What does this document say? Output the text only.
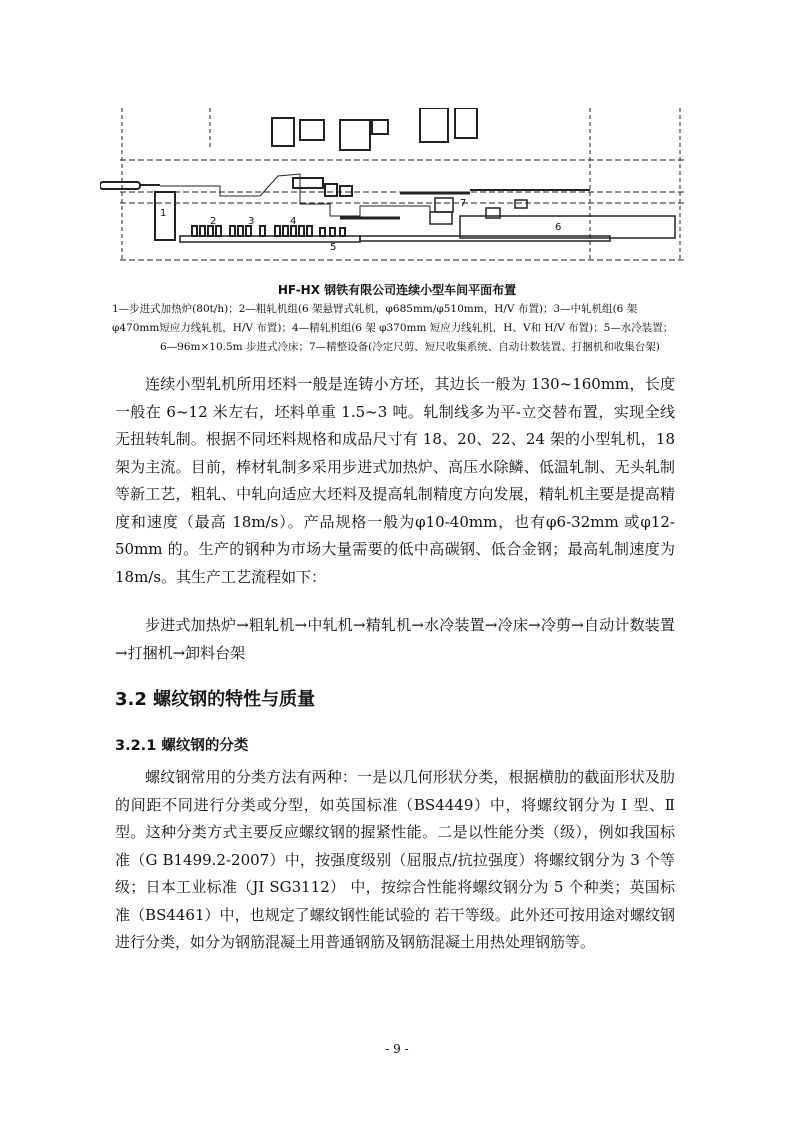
1
2	3	4
5
6
7
HF-HX 钢铁有限公司连续小型车间平面布置
1—步进式加热炉(80t/h)；2—粗轧机组(6 架悬臂式轧机，φ685mm/φ510mm，H/V 布置)；3—中轧机组(6 架
φ470mm短应力线轧机，H/V 布置)；4—精轧机组(6 架 φ370mm 短应力线轧机，H、V和 H/V 布置)；5—水冷装置；
6—96m×10.5m 步进式冷床；7—精整设备(冷定尺剪、短尺收集系统、自动计数装置、打捆机和收集台架)

连续小型轧机所用坯料一般是连铸小方坯，其边长一般为 130~160mm，长度一般在 6~12 米左右，坯料单重 1.5~3 吨。轧制线多为平-立交替布置，实现全线无扭转轧制。根据不同坯料规格和成品尺寸有 18、20、22、24 架的小型轧机，18 架为主流。目前，棒材轧制多采用步进式加热炉、高压水除鳞、低温轧制、无头轧制等新工艺，粗轧、中轧向适应大坯料及提高轧制精度方向发展，精轧机主要是提高精度和速度（最高 18m/s）。产品规格一般为φ10-40mm，也有φ6-32mm 或φ12-50mm 的。生产的钢种为市场大量需要的低中高碳钢、低合金钢；最高轧制速度为 18m/s。其生产工艺流程如下：

步进式加热炉→粗轧机→中轧机→精轧机→水冷装置→冷床→冷剪→自动计数装置→打捆机→卸料台架

3.2 螺纹钢的特性与质量
3.2.1 螺纹钢的分类

螺纹钢常用的分类方法有两种：一是以几何形状分类，根据横肋的截面形状及肋的间距不同进行分类或分型，如英国标准（BS4449）中，将螺纹钢分为 Ⅰ 型、Ⅱ 型。这种分类方式主要反应螺纹钢的握紧性能。二是以性能分类（级），例如我国标准（G B1499.2-2007）中，按强度级别（屈服点/抗拉强度）将螺纹钢分为 3 个等级；日本工业标准（JI SG3112） 中，按综合性能将螺纹钢分为 5 个种类；英国标准（BS4461）中，也规定了螺纹钢性能试验的 若干等级。此外还可按用途对螺纹钢进行分类，如分为钢筋混凝土用普通钢筋及钢筋混凝土用热处理钢筋等。

- 9 -
